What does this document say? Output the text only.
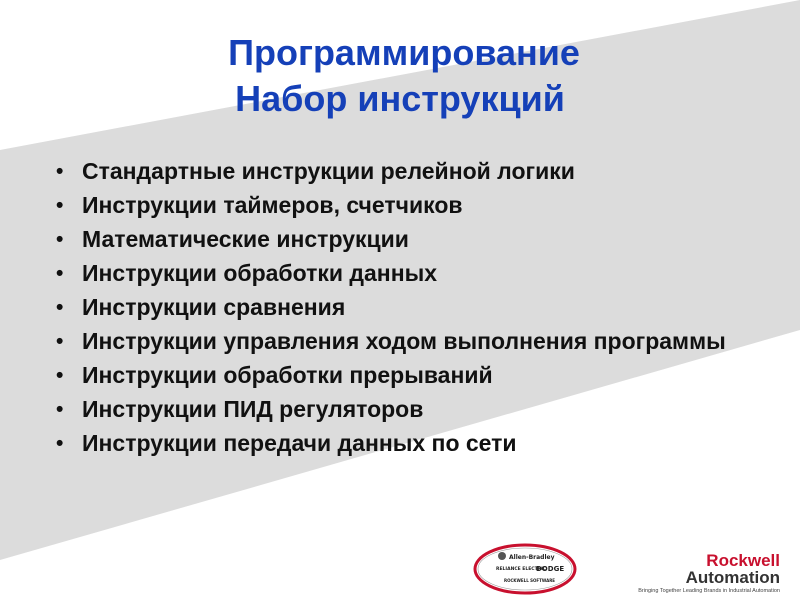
Программирование
Набор инструкций
• Стандартные инструкции релейной логики
• Инструкции таймеров, счетчиков
• Математические инструкции
• Инструкции обработки данных
• Инструкции сравнения
• Инструкции управления ходом выполнения программы
• Инструкции обработки прерываний
• Инструкции ПИД регуляторов
• Инструкции передачи данных по сети
Allen-Bradley
RELIANCE ELECTRIC
DODGE
ROCKWELL SOFTWARE
Rockwell
Automation
Bringing Together Leading Brands in Industrial Automation
